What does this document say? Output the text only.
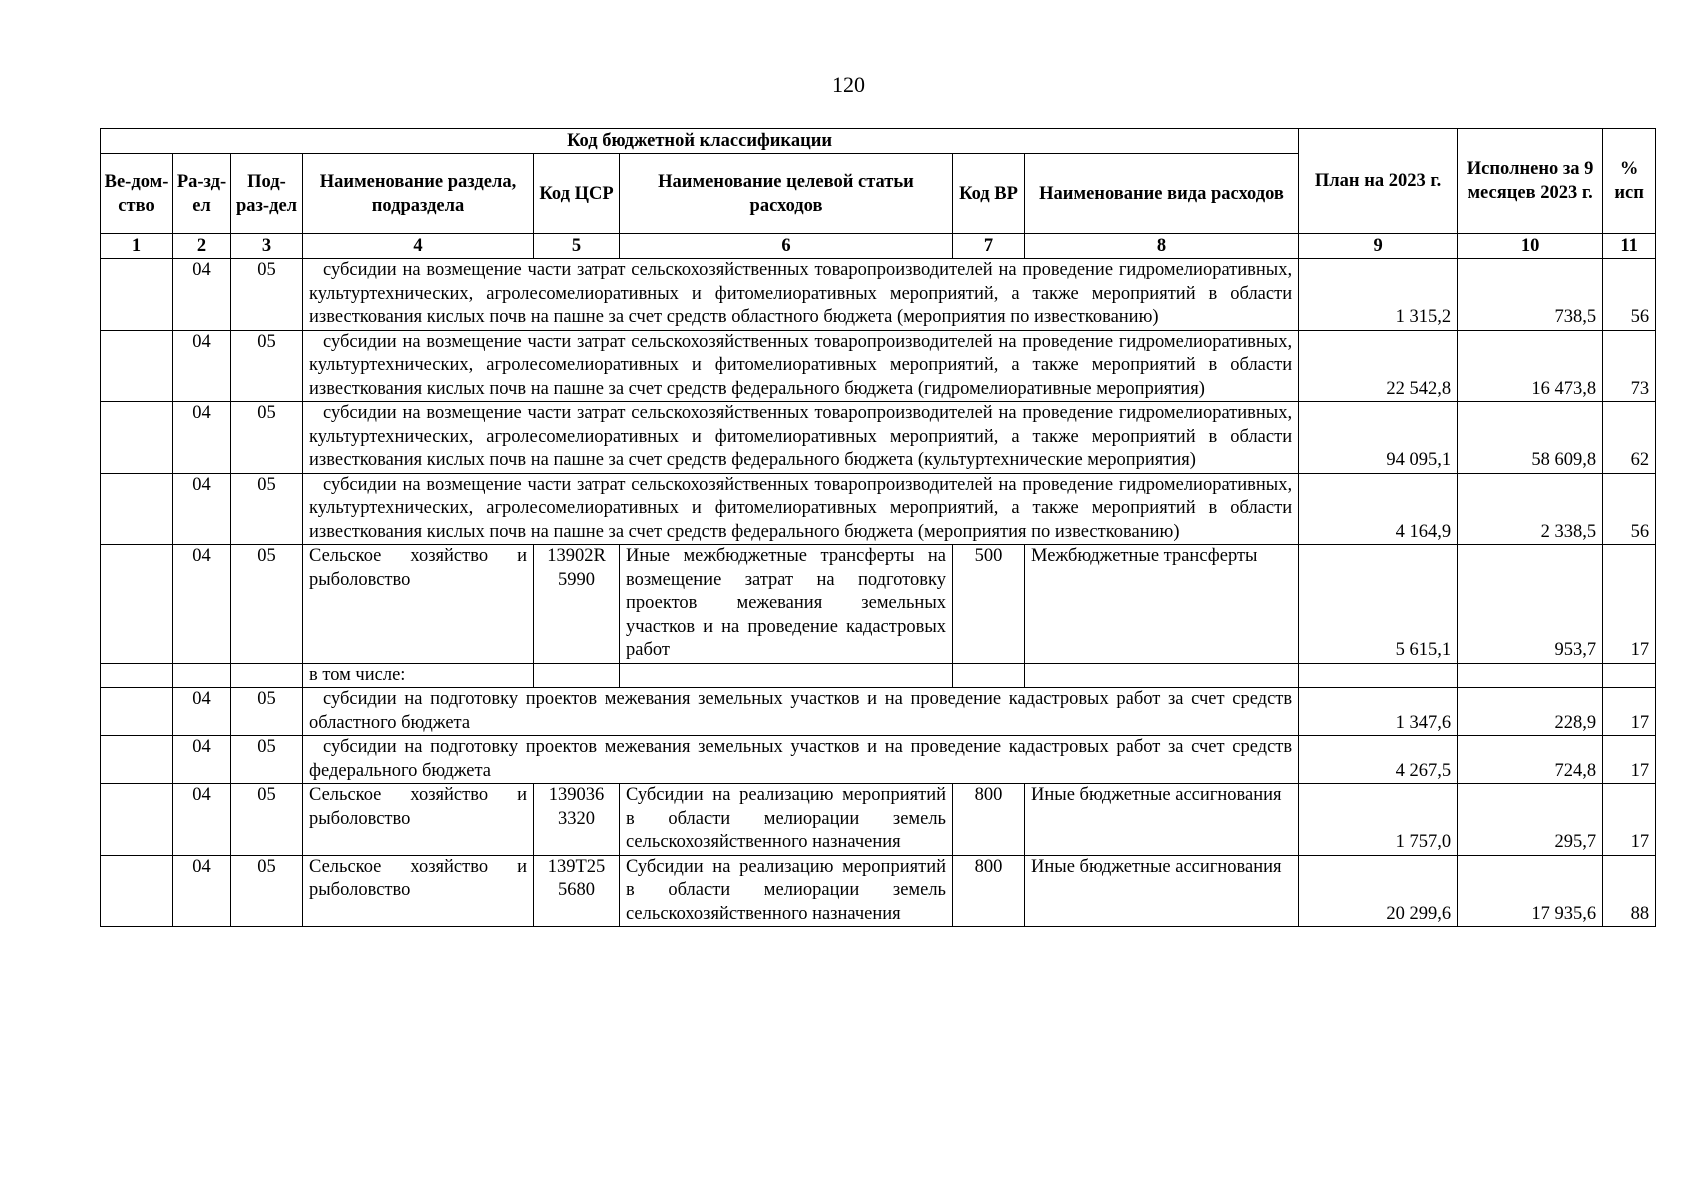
120
Код бюджетной классификации								План на 2023 г.	Исполнено за 9 месяцев 2023 г.	% исп
Ве-дом-ство	Ра-зд-ел	Под-раз-дел	Наименование раздела, подраздела	Код ЦСР	Наименование целевой статьи расходов	Код ВР	Наименование вида расходов			
1	2	3	4	5	6	7	8	9	10	11
	04	05	субсидии на возмещение части затрат сельскохозяйственных товаропроизводителей на проведение гидромелиоративных, культуртехнических, агролесомелиоративных и фитомелиоративных мероприятий, а также мероприятий в области известкования кислых почв на пашне за счет средств областного бюджета (мероприятия по известкованию)					1 315,2	738,5	56
	04	05	субсидии на возмещение части затрат сельскохозяйственных товаропроизводителей на проведение гидромелиоративных, культуртехнических, агролесомелиоративных и фитомелиоративных мероприятий, а также мероприятий в области известкования кислых почв на пашне за счет средств федерального бюджета (гидромелиоративные мероприятия)					22 542,8	16 473,8	73
	04	05	субсидии на возмещение части затрат сельскохозяйственных товаропроизводителей на проведение гидромелиоративных, культуртехнических, агролесомелиоративных и фитомелиоративных мероприятий, а также мероприятий в области известкования кислых почв на пашне за счет средств федерального бюджета (культуртехнические мероприятия)					94 095,1	58 609,8	62
	04	05	субсидии на возмещение части затрат сельскохозяйственных товаропроизводителей на проведение гидромелиоративных, культуртехнических, агролесомелиоративных и фитомелиоративных мероприятий, а также мероприятий в области известкования кислых почв на пашне за счет средств федерального бюджета (мероприятия по известкованию)					4 164,9	2 338,5	56
	04	05	Сельское хозяйство и рыболовство	13902R 5990	Иные межбюджетные трансферты на возмещение затрат на подготовку проектов межевания земельных участков и на проведение кадастровых работ	500	Межбюджетные трансферты	5 615,1	953,7	17
			в том числе:							
	04	05	субсидии на подготовку проектов межевания земельных участков и на проведение кадастровых работ за счет средств областного бюджета					1 347,6	228,9	17
	04	05	субсидии на подготовку проектов межевания земельных участков и на проведение кадастровых работ за счет средств федерального бюджета					4 267,5	724,8	17
	04	05	Сельское хозяйство и рыболовство	139036 3320	Субсидии на реализацию мероприятий в области мелиорации земель сельскохозяйственного назначения	800	Иные бюджетные ассигнования	1 757,0	295,7	17
	04	05	Сельское хозяйство и рыболовство	139T25 5680	Субсидии на реализацию мероприятий в области мелиорации земель сельскохозяйственного назначения	800	Иные бюджетные ассигнования	20 299,6	17 935,6	88
